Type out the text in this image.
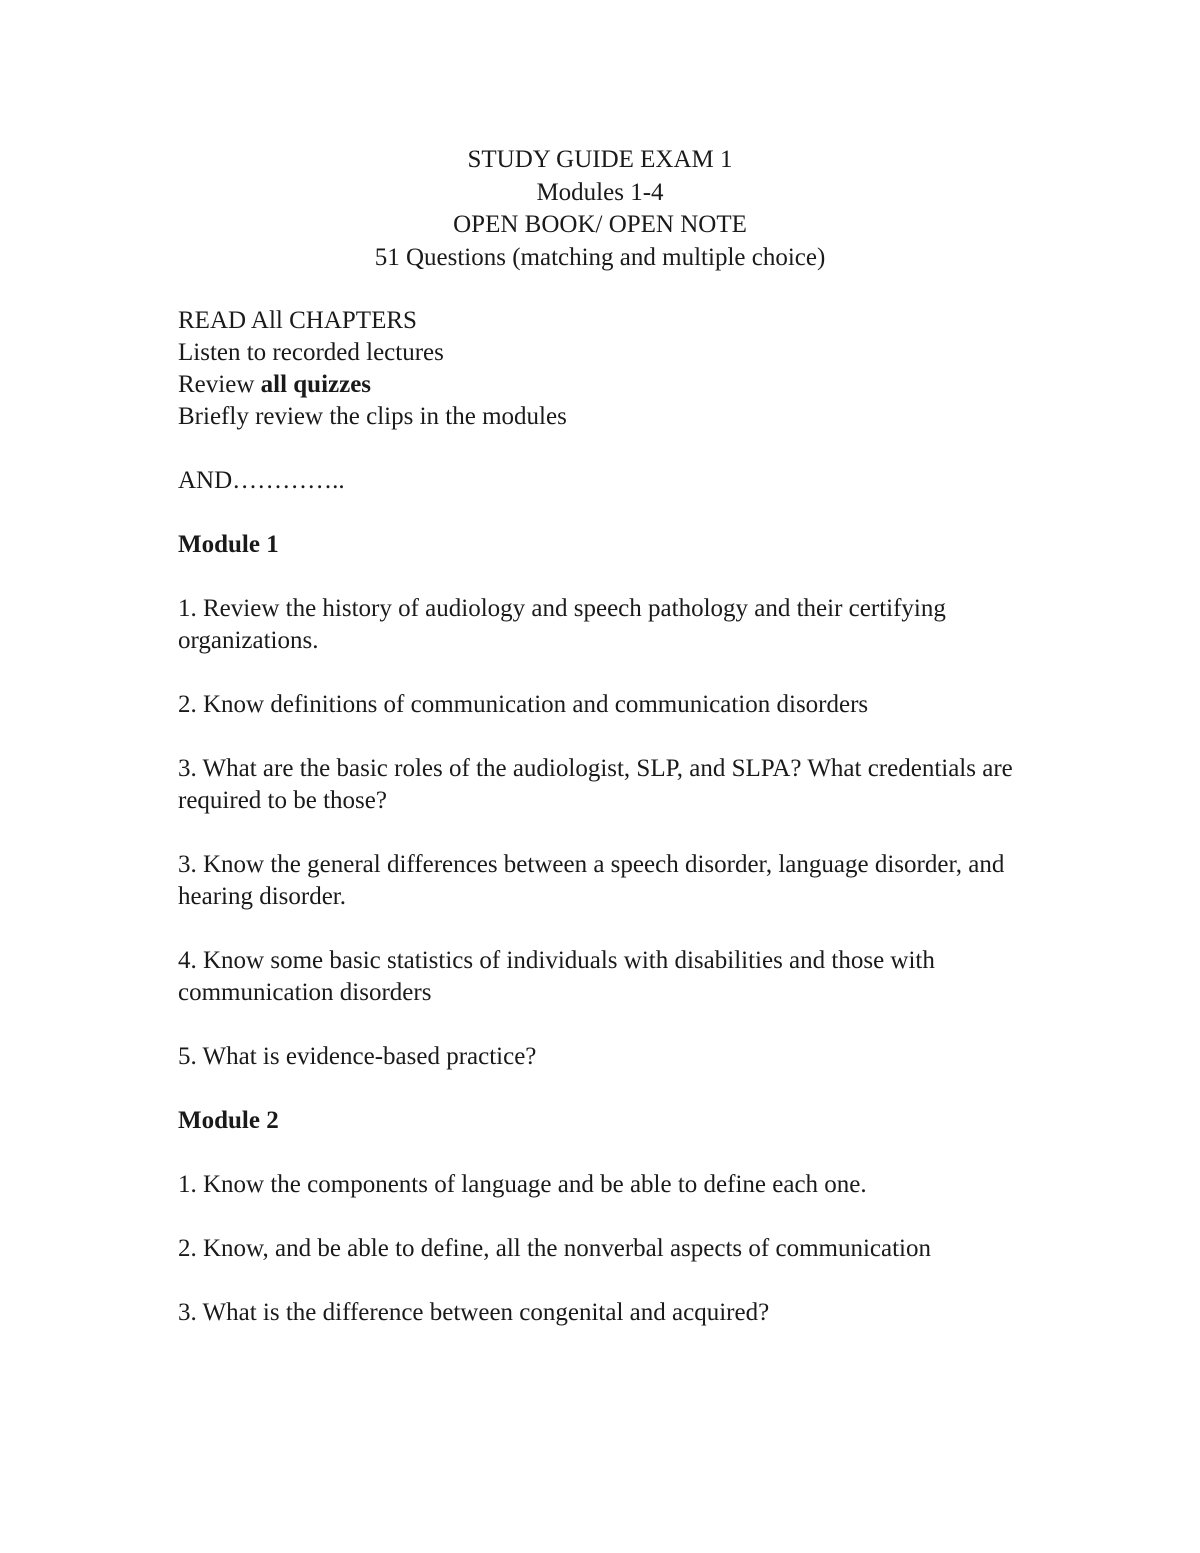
STUDY GUIDE EXAM 1
Modules 1-4
OPEN BOOK/ OPEN NOTE
51 Questions (matching and multiple choice)

READ All CHAPTERS

Listen to recorded lectures

Review all quizzes

Briefly review the clips in the modules

AND…………..

Module 1

1. Review the history of audiology and speech pathology and their certifying organizations.

2. Know definitions of communication and communication disorders

3. What are the basic roles of the audiologist, SLP, and SLPA? What credentials are required to be those?

3. Know the general differences between a speech disorder, language disorder, and hearing disorder.

4. Know some basic statistics of individuals with disabilities and those with communication disorders

5. What is evidence-based practice?

Module 2

1. Know the components of language and be able to define each one.

2. Know, and be able to define, all the nonverbal aspects of communication

3. What is the difference between congenital and acquired?
